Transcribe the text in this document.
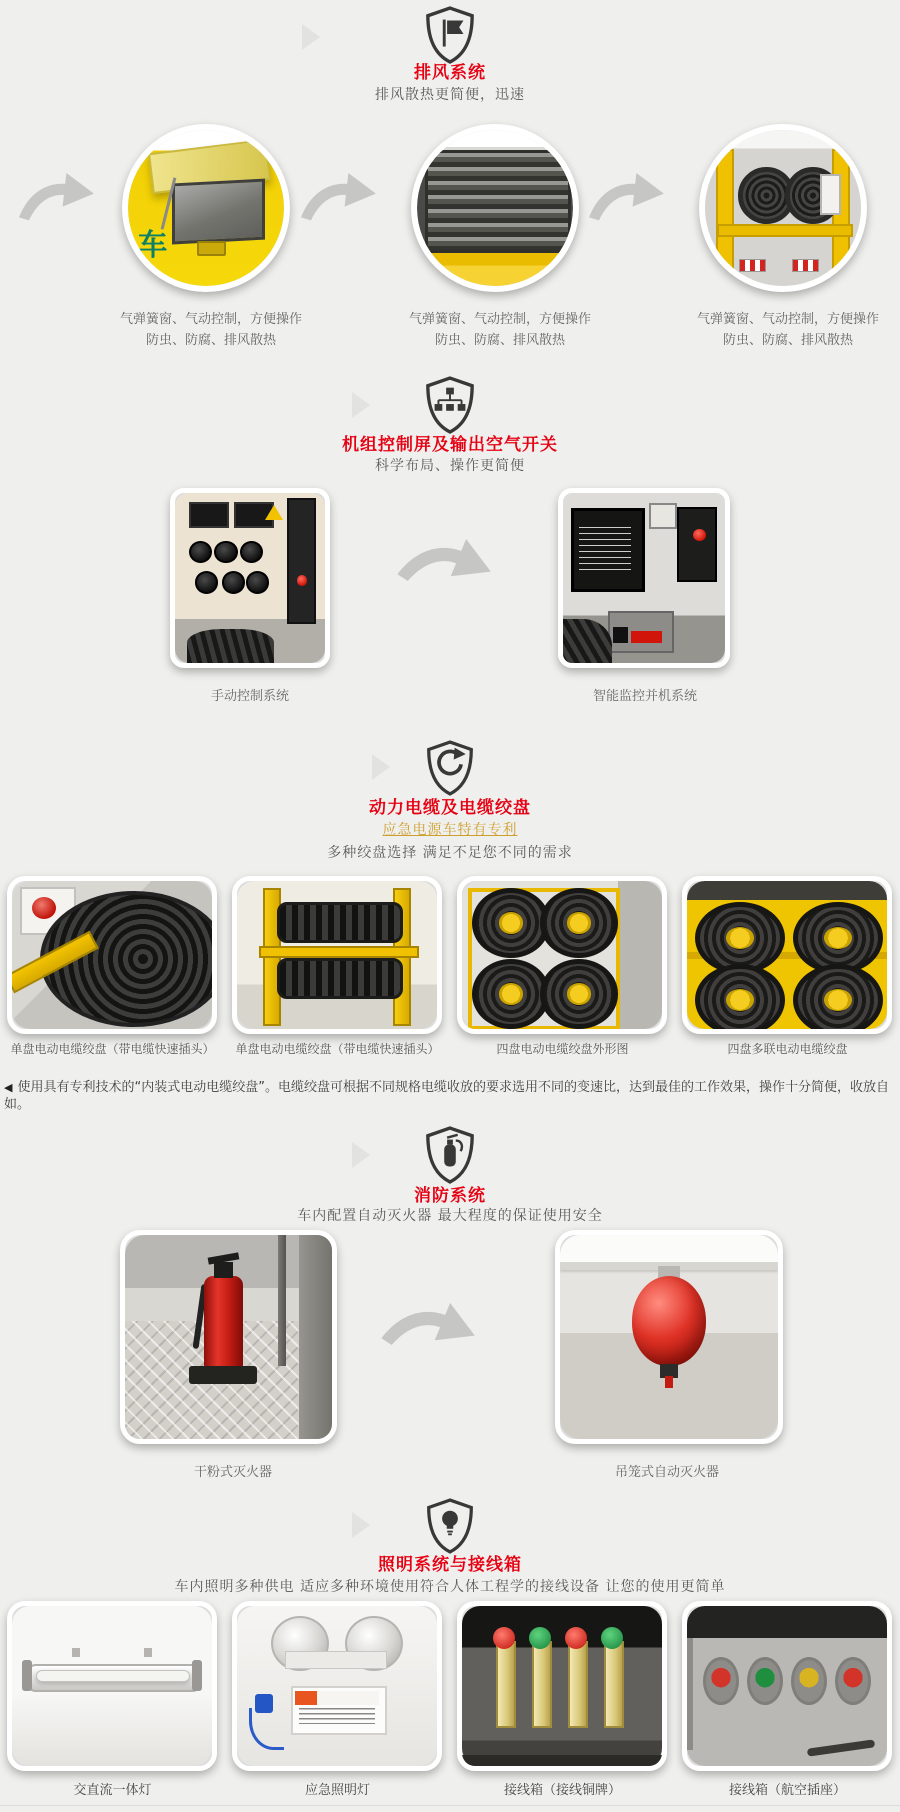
排风系统
排风散热更简便，迅速
车
气弹簧窗、气动控制，方便操作
防虫、防腐、排风散热
气弹簧窗、气动控制，方便操作
防虫、防腐、排风散热
气弹簧窗、气动控制，方便操作
防虫、防腐、排风散热
机组控制屏及输出空气开关
科学布局、操作更简便
手动控制系统	智能监控并机系统
动力电缆及电缆绞盘
应急电源车特有专利
多种绞盘选择 满足不足您不同的需求
单盘电动电缆绞盘（带电缆快速插头）	单盘电动电缆绞盘（带电缆快速插头）	四盘电动电缆绞盘外形图	四盘多联电动电缆绞盘
◀ 使用具有专利技术的“内装式电动电缆绞盘”。电缆绞盘可根据不同规格电缆收放的要求选用不同的变速比，达到最佳的工作效果，操作十分简便，收放自如。
消防系统
车内配置自动灭火器 最大程度的保证使用安全
干粉式灭火器	吊笼式自动灭火器
照明系统与接线箱
车内照明多种供电 适应多种环境使用符合人体工程学的接线设备 让您的使用更简单
交直流一体灯	应急照明灯	接线箱（接线铜牌）	接线箱（航空插座）
